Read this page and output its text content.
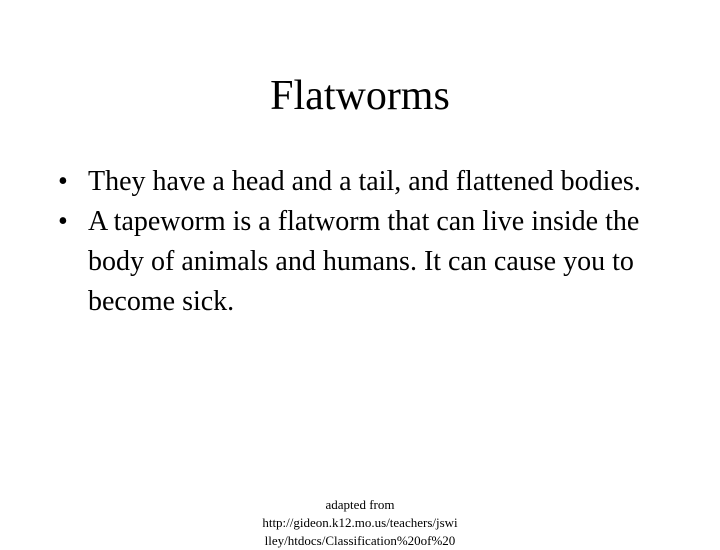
Flatworms
• They have a head and a tail, and flattened bodies.
• A tapeworm is a flatworm that can live inside the body of animals and humans. It can cause you to become sick.
adapted from
http://gideon.k12.mo.us/teachers/jswi
lley/htdocs/Classification%20of%20
